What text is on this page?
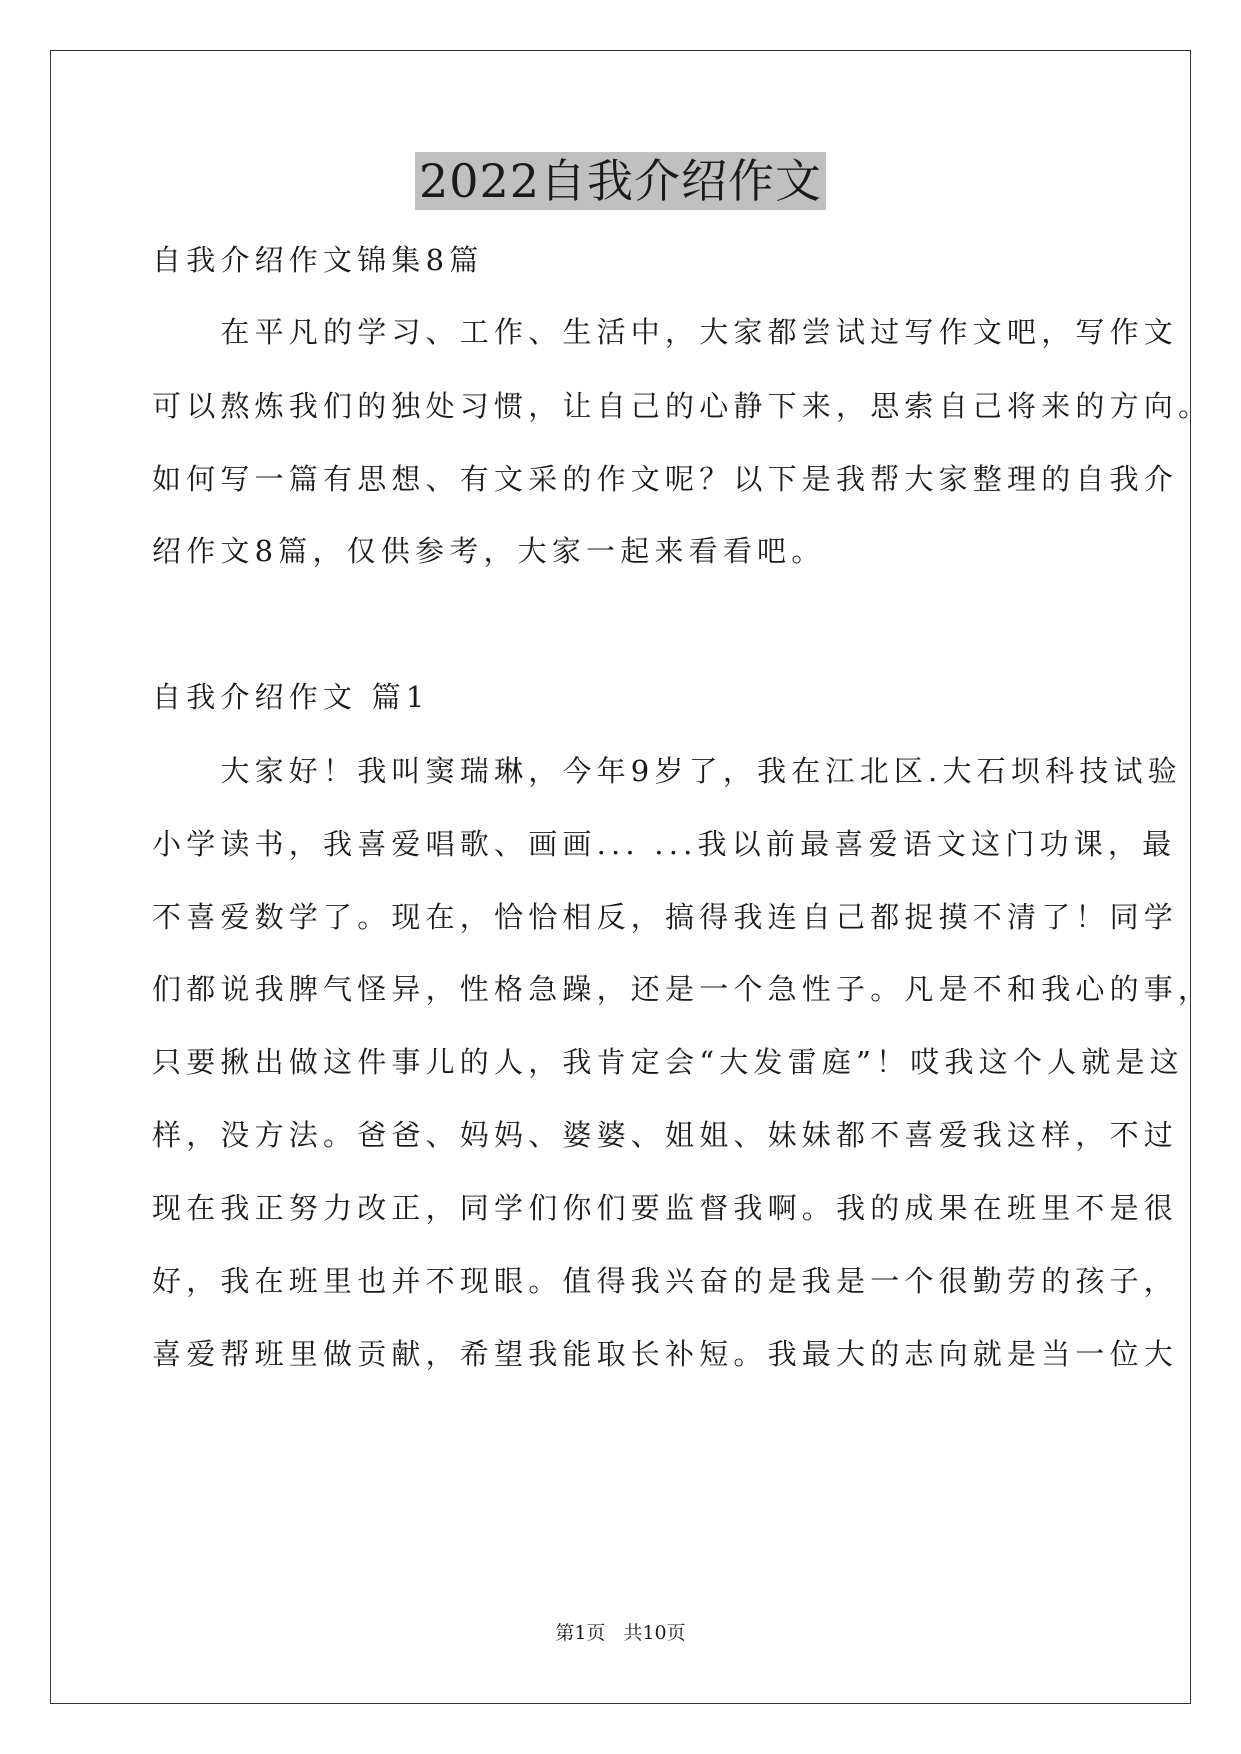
2022自我介绍作文
自我介绍作文锦集8篇
　　在平凡的学习、工作、生活中，大家都尝试过写作文吧，写作文
可以熬炼我们的独处习惯，让自己的心静下来，思索自己将来的方向。
如何写一篇有思想、有文采的作文呢？以下是我帮大家整理的自我介
绍作文8篇，仅供参考，大家一起来看看吧。
自我介绍作文 篇1
　　大家好！我叫窦瑞琳，今年9岁了，我在江北区.大石坝科技试验
小学读书，我喜爱唱歌、画画... ...我以前最喜爱语文这门功课，最
不喜爱数学了。现在，恰恰相反，搞得我连自己都捉摸不清了！同学
们都说我脾气怪异，性格急躁，还是一个急性子。凡是不和我心的事，
只要揪出做这件事儿的人，我肯定会“大发雷庭”！哎我这个人就是这
样，没方法。爸爸、妈妈、婆婆、姐姐、妹妹都不喜爱我这样，不过
现在我正努力改正，同学们你们要监督我啊。我的成果在班里不是很
好，我在班里也并不现眼。值得我兴奋的是我是一个很勤劳的孩子，
喜爱帮班里做贡献，希望我能取长补短。我最大的志向就是当一位大
第1页 共10页
